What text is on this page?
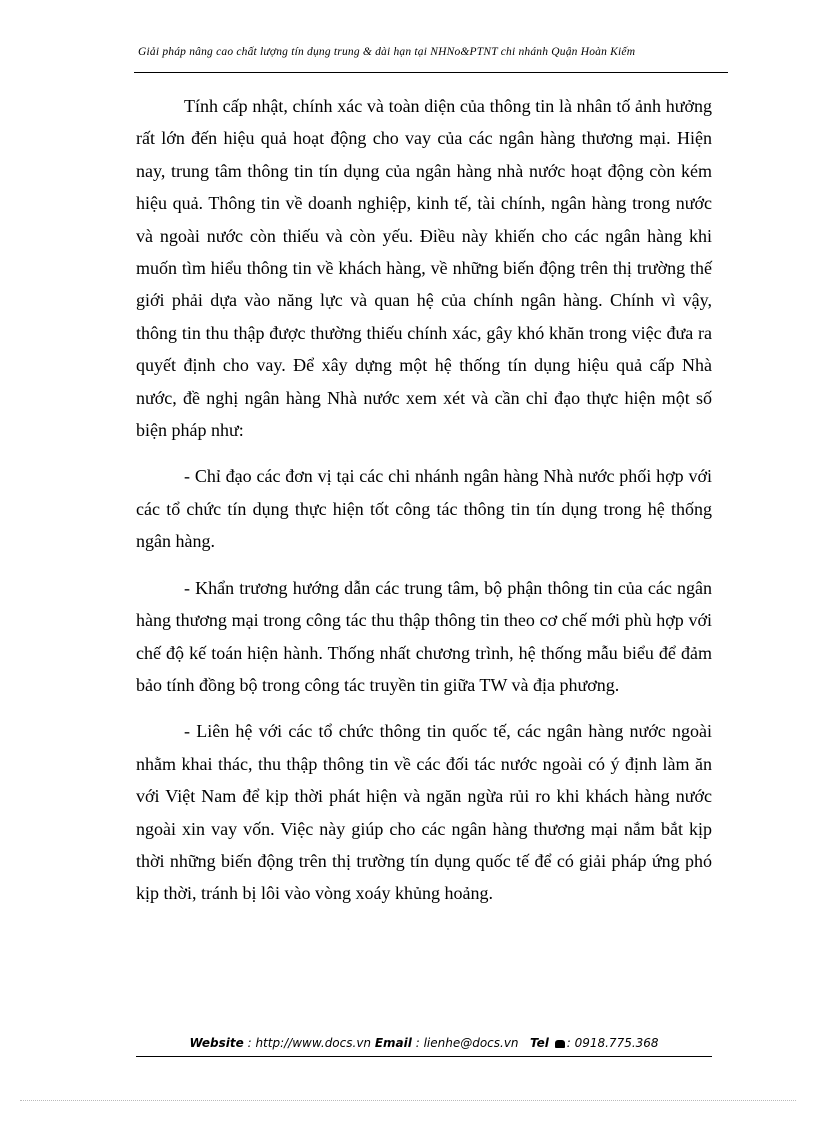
Giải pháp nâng cao chất lượng tín dụng trung & dài hạn tại NHNo&PTNT chi nhánh Quận Hoàn Kiếm

Tính cấp nhật, chính xác và toàn diện của thông tin là nhân tố ảnh hưởng rất lớn đến hiệu quả hoạt động cho vay của các ngân hàng thương mại. Hiện nay, trung tâm thông tin tín dụng của ngân hàng nhà nước hoạt động còn kém hiệu quả. Thông tin về doanh nghiệp, kinh tế, tài chính, ngân hàng trong nước và ngoài nước còn thiếu và còn yếu. Điều này khiến cho các ngân hàng khi muốn tìm hiểu thông tin về khách hàng, về những biến động trên thị trường thế giới phải dựa vào năng lực và quan hệ của chính ngân hàng. Chính vì vậy, thông tin thu thập được thường thiếu chính xác, gây khó khăn trong việc đưa ra quyết định cho vay. Để xây dựng một hệ thống tín dụng hiệu quả cấp Nhà nước, đề nghị ngân hàng Nhà nước xem xét và cần chỉ đạo thực hiện một số biện pháp như:

- Chỉ đạo các đơn vị tại các chi nhánh ngân hàng Nhà nước phối hợp với các tổ chức tín dụng thực hiện tốt công tác thông tin tín dụng trong hệ thống ngân hàng.

- Khẩn trương hướng dẫn các trung tâm, bộ phận thông tin của các ngân hàng thương mại trong công tác thu thập thông tin theo cơ chế mới phù hợp với chế độ kế toán hiện hành. Thống nhất chương trình, hệ thống mẫu biểu để đảm bảo tính đồng bộ trong công tác truyền tin giữa TW và địa phương.

- Liên hệ với các tổ chức thông tin quốc tế, các ngân hàng nước ngoài nhằm khai thác, thu thập thông tin về các đối tác nước ngoài có ý định làm ăn với Việt Nam để kịp thời phát hiện và ngăn ngừa rủi ro khi khách hàng nước ngoài xin vay vốn. Việc này giúp cho các ngân hàng thương mại nắm bắt kịp thời những biến động trên thị trường tín dụng quốc tế để có giải pháp ứng phó kịp thời, tránh bị lôi vào vòng xoáy khủng hoảng.

Website : http://www.docs.vn Email : lienhe@docs.vn Tel : 0918.775.368
